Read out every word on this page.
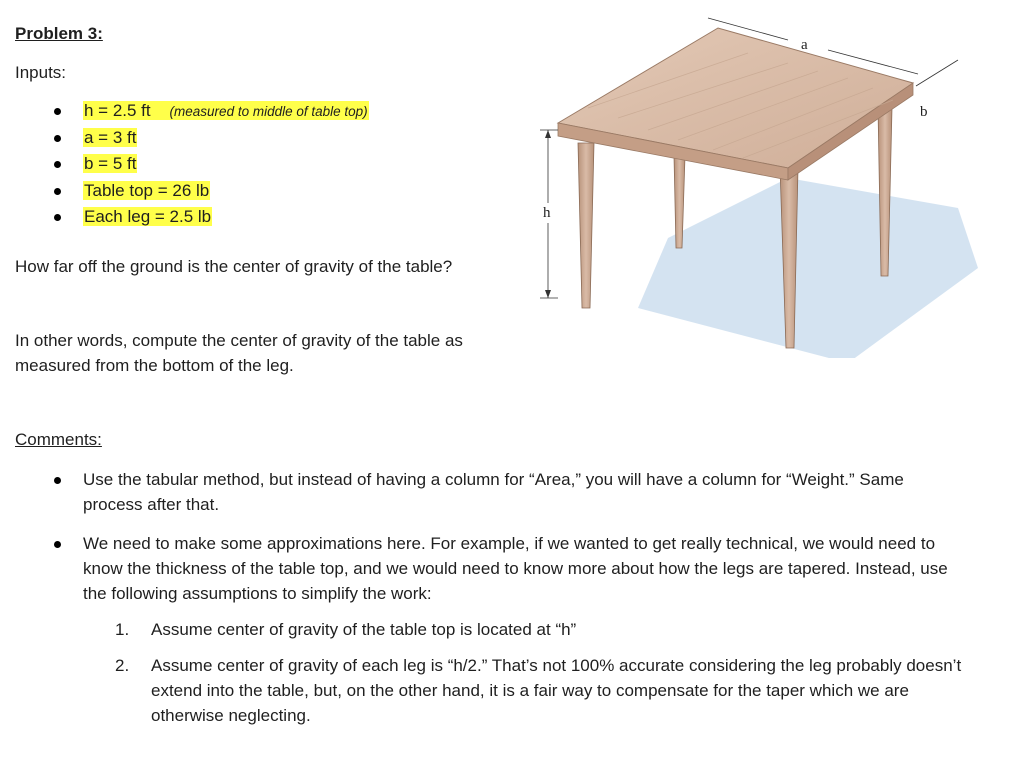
Problem 3:
Inputs:
h = 2.5 ft (measured to middle of table top)
a = 3 ft
b = 5 ft
Table top = 26 lb
Each leg = 2.5 lb
How far off the ground is the center of gravity of the table?
In other words, compute the center of gravity of the table as measured from the bottom of the leg.
Comments:
Use the tabular method, but instead of having a column for “Area,” you will have a column for “Weight.” Same process after that.
We need to make some approximations here. For example, if we wanted to get really technical, we would need to know the thickness of the table top, and we would need to know more about how the legs are tapered. Instead, use the following assumptions to simplify the work:
1. Assume center of gravity of the table top is located at “h”
2. Assume center of gravity of each leg is “h/2.” That’s not 100% accurate considering the leg probably doesn’t extend into the table, but, on the other hand, it is a fair way to compensate for the taper which we are otherwise neglecting.
a
b
h
